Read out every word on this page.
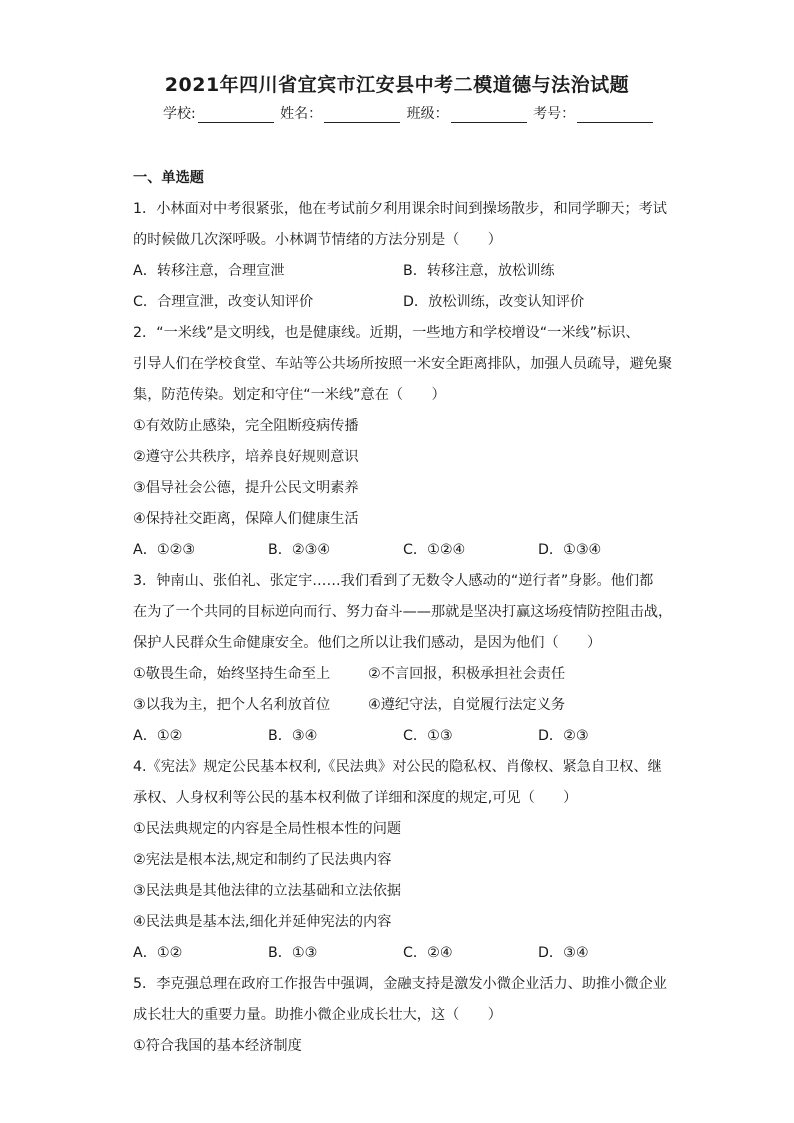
2021年四川省宜宾市江安县中考二模道德与法治试题
学校:	姓名：	班级：	考号：
一、单选题
1．小林面对中考很紧张，他在考试前夕利用课余时间到操场散步，和同学聊天；考试
的时候做几次深呼吸。小林调节情绪的方法分别是（　　）
A．转移注意，合理宣泄	B．转移注意，放松训练
C．合理宣泄，改变认知评价	D．放松训练，改变认知评价
2．“一米线”是文明线，也是健康线。近期，一些地方和学校增设“一米线”标识、
引导人们在学校食堂、车站等公共场所按照一米安全距离排队，加强人员疏导，避免聚
集，防范传染。划定和守住“一米线”意在（　　）
①有效防止感染，完全阻断疫病传播
②遵守公共秩序，培养良好规则意识
③倡导社会公德，提升公民文明素养
④保持社交距离，保障人们健康生活
A．①②③	B．②③④	C．①②④	D．①③④
3．钟南山、张伯礼、张定宇……我们看到了无数令人感动的“逆行者”身影。他们都
在为了一个共同的目标逆向而行、努力奋斗——那就是坚决打赢这场疫情防控阻击战，
保护人民群众生命健康安全。他们之所以让我们感动，是因为他们（　　）
①敬畏生命，始终坚持生命至上	②不言回报，积极承担社会责任
③以我为主，把个人名利放首位	④遵纪守法，自觉履行法定义务
A．①②	B．③④	C．①③	D．②③
4.《宪法》规定公民基本权利,《民法典》对公民的隐私权、肖像权、紧急自卫权、继
承权、人身权利等公民的基本权利做了详细和深度的规定,可见（　　）
①民法典规定的内容是全局性根本性的问题
②宪法是根本法,规定和制约了民法典内容
③民法典是其他法律的立法基础和立法依据
④民法典是基本法,细化并延伸宪法的内容
A．①②	B．①③	C．②④	D．③④
5．李克强总理在政府工作报告中强调，金融支持是激发小微企业活力、助推小微企业
成长壮大的重要力量。助推小微企业成长壮大，这（　　）
①符合我国的基本经济制度
